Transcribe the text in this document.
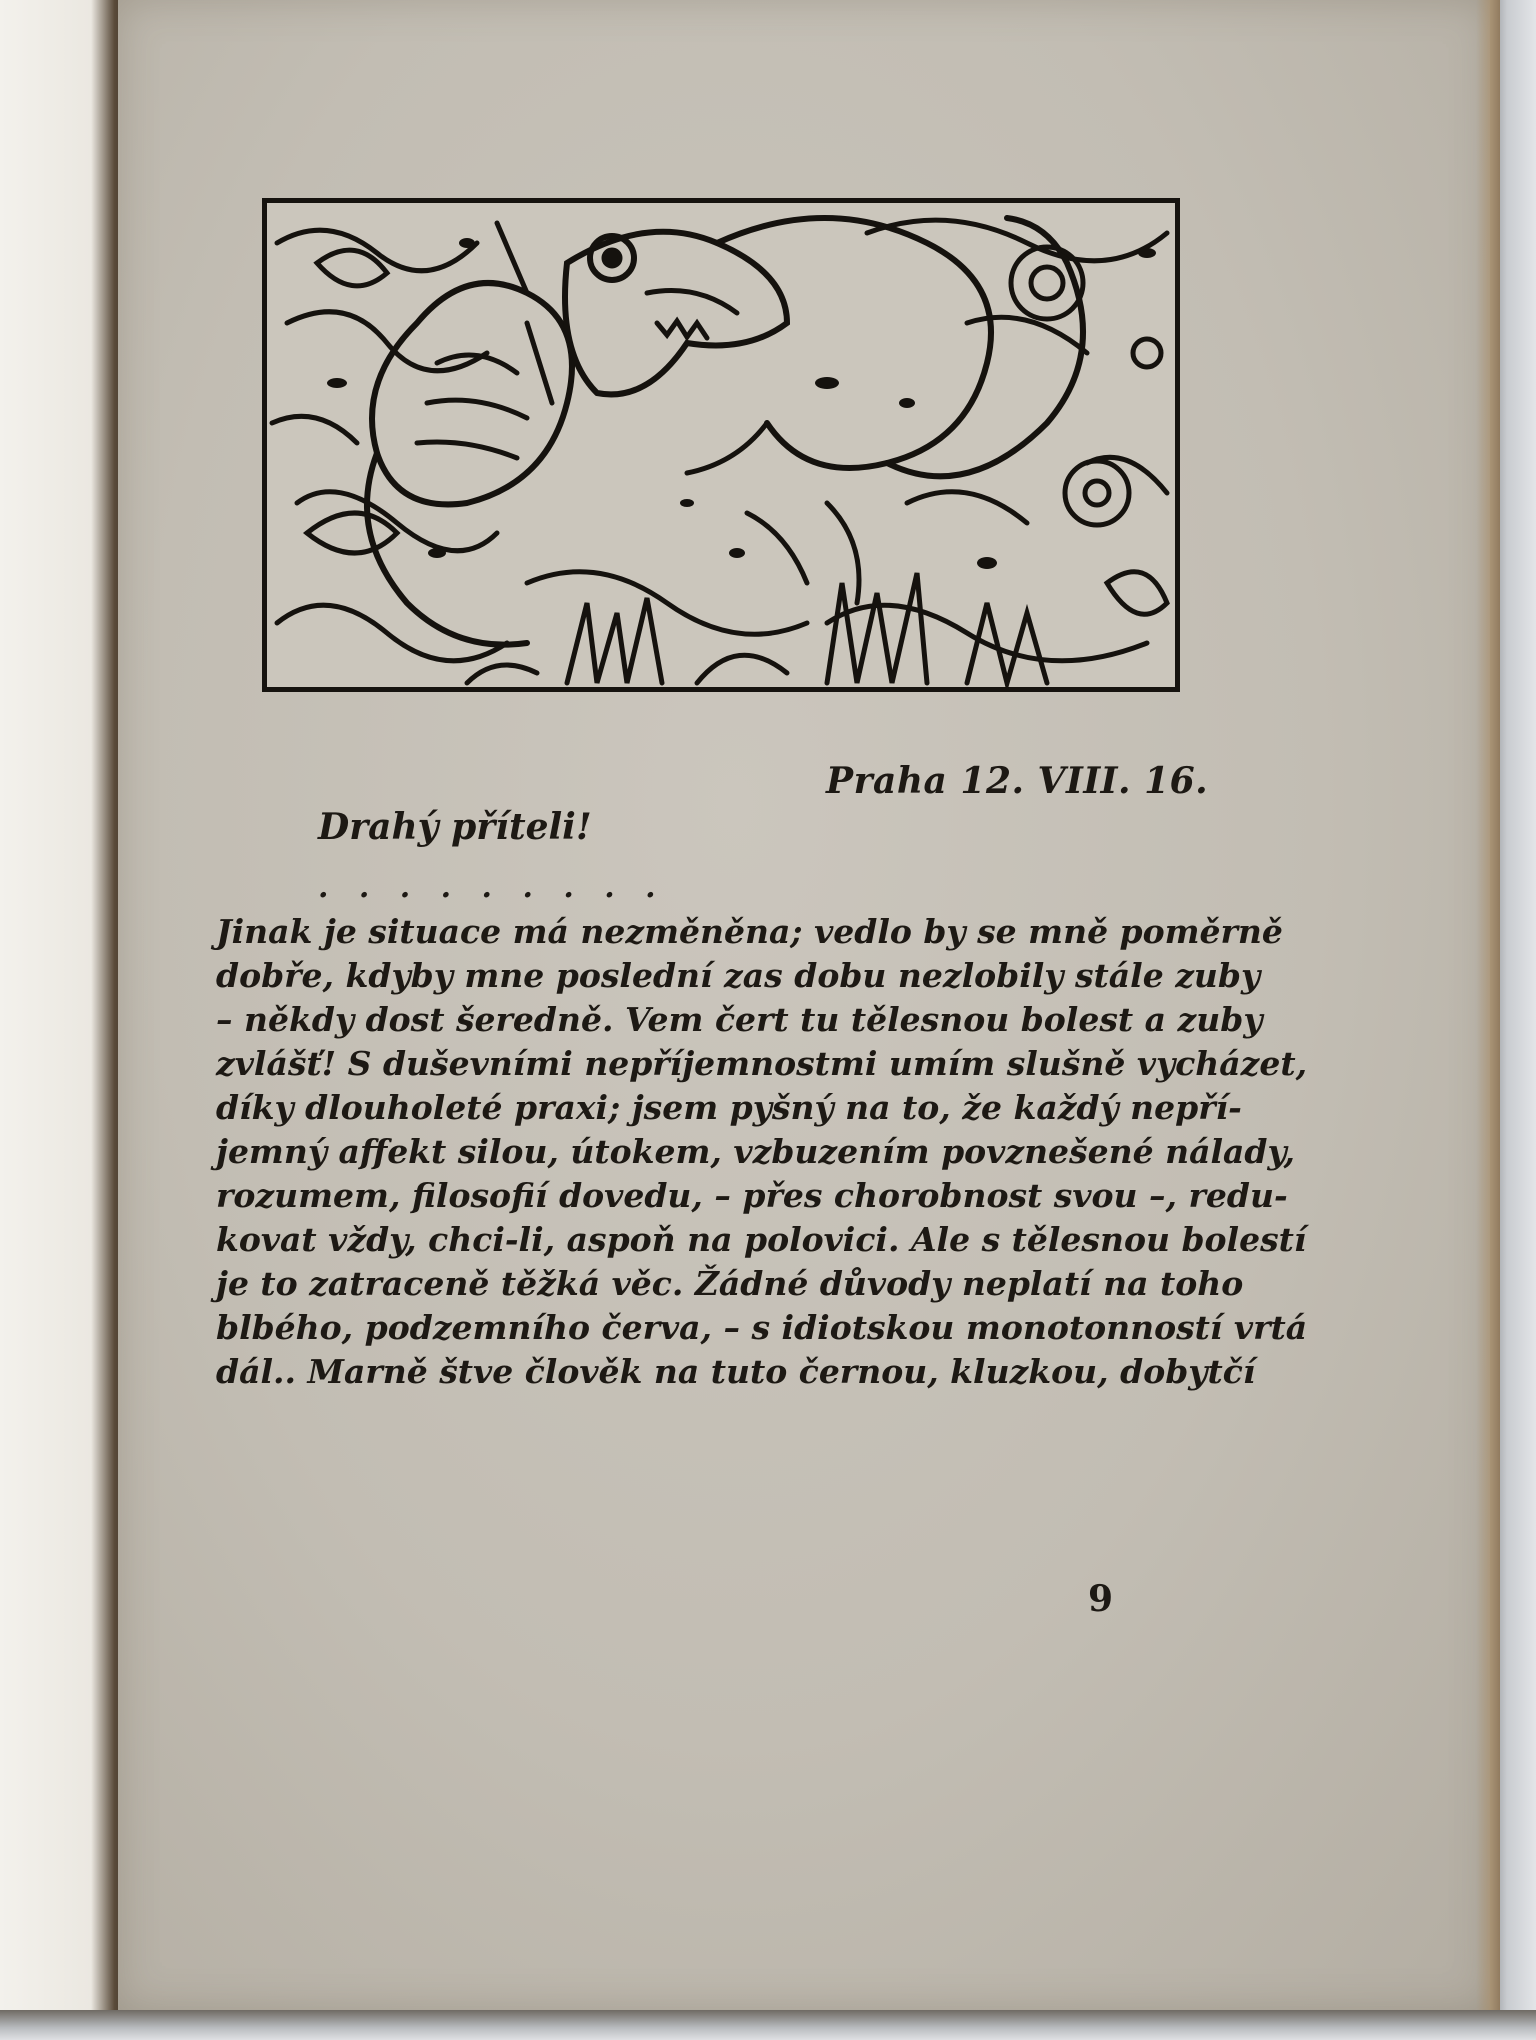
Praha 12. VIII. 16.
Drahý příteli!
. . . . . . . . .
Jinak je situace má nezměněna; vedlo by se mně poměrně
dobře, kdyby mne poslední zas dobu nezlobily stále zuby
– někdy dost šeredně. Vem čert tu tělesnou bolest a zuby
zvlášť! S duševními nepříjemnostmi umím slušně vycházet,
díky dlouholeté praxi; jsem pyšný na to, že každý nepří-
jemný affekt silou, útokem, vzbuzením povznešené nálady,
rozumem, filosofií dovedu, – přes chorobnost svou –, redu-
kovat vždy, chci-li, aspoň na polovici. Ale s tělesnou bolestí
je to zatraceně těžká věc. Žádné důvody neplatí na toho
blbého, podzemního červa, – s idiotskou monotonností vrtá
dál.. Marně štve člověk na tuto černou, kluzkou, dobytčí
9
